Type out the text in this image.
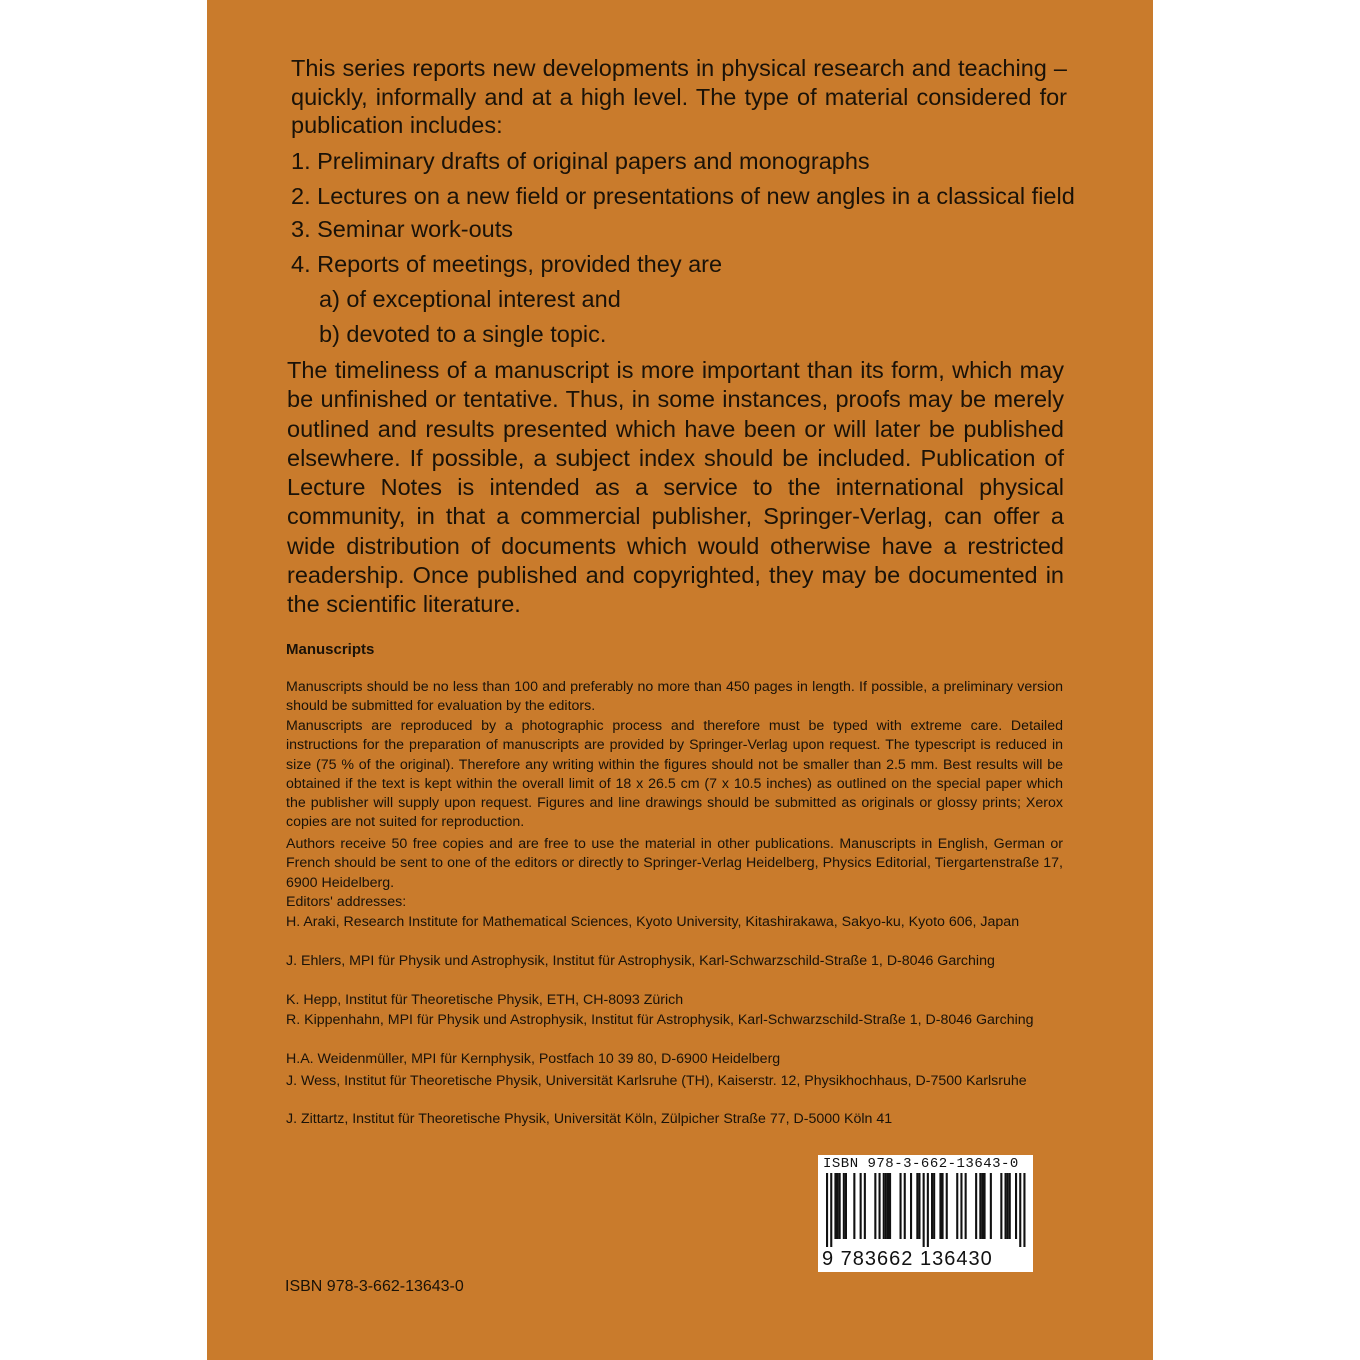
This series reports new developments in physical research and teaching – quickly, informally and at a high level. The type of material considered for publication includes:

1. Preliminary drafts of original papers and monographs
2. Lectures on a new field or presentations of new angles in a classical field
3. Seminar work-outs
4. Reports of meetings, provided they are
a) of exceptional interest and
b) devoted to a single topic.

The timeliness of a manuscript is more important than its form, which may be unfinished or tentative. Thus, in some instances, proofs may be merely outlined and results presented which have been or will later be published elsewhere. If possible, a subject index should be included. Publication of Lecture Notes is intended as a service to the international physical community, in that a commercial publisher, Springer-Verlag, can offer a wide distribution of documents which would otherwise have a restricted readership. Once published and copyrighted, they may be documented in the scientific literature.

Manuscripts

Manuscripts should be no less than 100 and preferably no more than 450 pages in length. If possible, a preliminary version should be submitted for evaluation by the editors.

Manuscripts are reproduced by a photographic process and therefore must be typed with extreme care. Detailed instructions for the preparation of manuscripts are provided by Springer-Verlag upon request. The typescript is reduced in size (75 % of the original). Therefore any writing within the figures should not be smaller than 2.5 mm. Best results will be obtained if the text is kept within the overall limit of 18 x 26.5 cm (7 x 10.5 inches) as outlined on the special paper which the publisher will supply upon request. Figures and line drawings should be submitted as originals or glossy prints; Xerox copies are not suited for reproduction.

Authors receive 50 free copies and are free to use the material in other publications. Manuscripts in English, German or French should be sent to one of the editors or directly to Springer-Verlag Heidelberg, Physics Editorial, Tiergartenstraße 17, 6900 Heidelberg.

Editors' addresses:

H. Araki, Research Institute for Mathematical Sciences, Kyoto University, Kitashirakawa, Sakyo-ku, Kyoto 606, Japan

J. Ehlers, MPI für Physik und Astrophysik, Institut für Astrophysik, Karl-Schwarzschild-Straße 1, D-8046 Garching

K. Hepp, Institut für Theoretische Physik, ETH, CH-8093 Zürich

R. Kippenhahn, MPI für Physik und Astrophysik, Institut für Astrophysik, Karl-Schwarzschild-Straße 1, D-8046 Garching

H.A. Weidenmüller, MPI für Kernphysik, Postfach 10 39 80, D-6900 Heidelberg

J. Wess, Institut für Theoretische Physik, Universität Karlsruhe (TH), Kaiserstr. 12, Physikhochhaus, D-7500 Karlsruhe

J. Zittartz, Institut für Theoretische Physik, Universität Köln, Zülpicher Straße 77, D-5000 Köln 41

ISBN 978-3-662-13643-0
9 783662 136430

ISBN 978-3-662-13643-0
